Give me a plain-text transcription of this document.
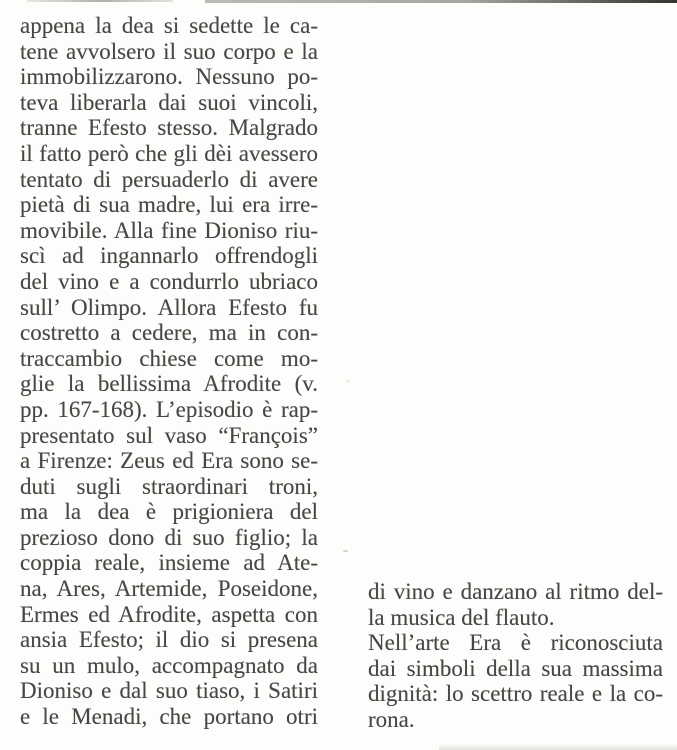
appena la dea si sedette le ca-
tene avvolsero il suo corpo e la
immobilizzarono. Nessuno po-
teva liberarla dai suoi vincoli,
tranne Efesto stesso. Malgrado
il fatto però che gli dèi avessero
tentato di persuaderlo di avere
pietà di sua madre, lui era irre-
movibile. Alla fine Dioniso riu-
scì ad ingannarlo offrendogli
del vino e a condurrlo ubriaco
sull’ Olimpo. Allora Efesto fu
costretto a cedere, ma in con-
traccambio chiese come mo-
glie la bellissima Afrodite (v.
pp. 167-168). L’episodio è rap-
presentato sul vaso “François”
a Firenze: Zeus ed Era sono se-
duti sugli straordinari troni,
ma la dea è prigioniera del
prezioso dono di suo figlio; la
coppia reale, insieme ad Ate-
na, Ares, Artemide, Poseidone,
Ermes ed Afrodite, aspetta con
ansia Efesto; il dio si presena
su un mulo, accompagnato da
Dioniso e dal suo tiaso, i Satiri
e le Menadi, che portano otri
di vino e danzano al ritmo del-
la musica del flauto.
Nell’arte Era è riconosciuta
dai simboli della sua massima
dignità: lo scettro reale e la co-
rona.
